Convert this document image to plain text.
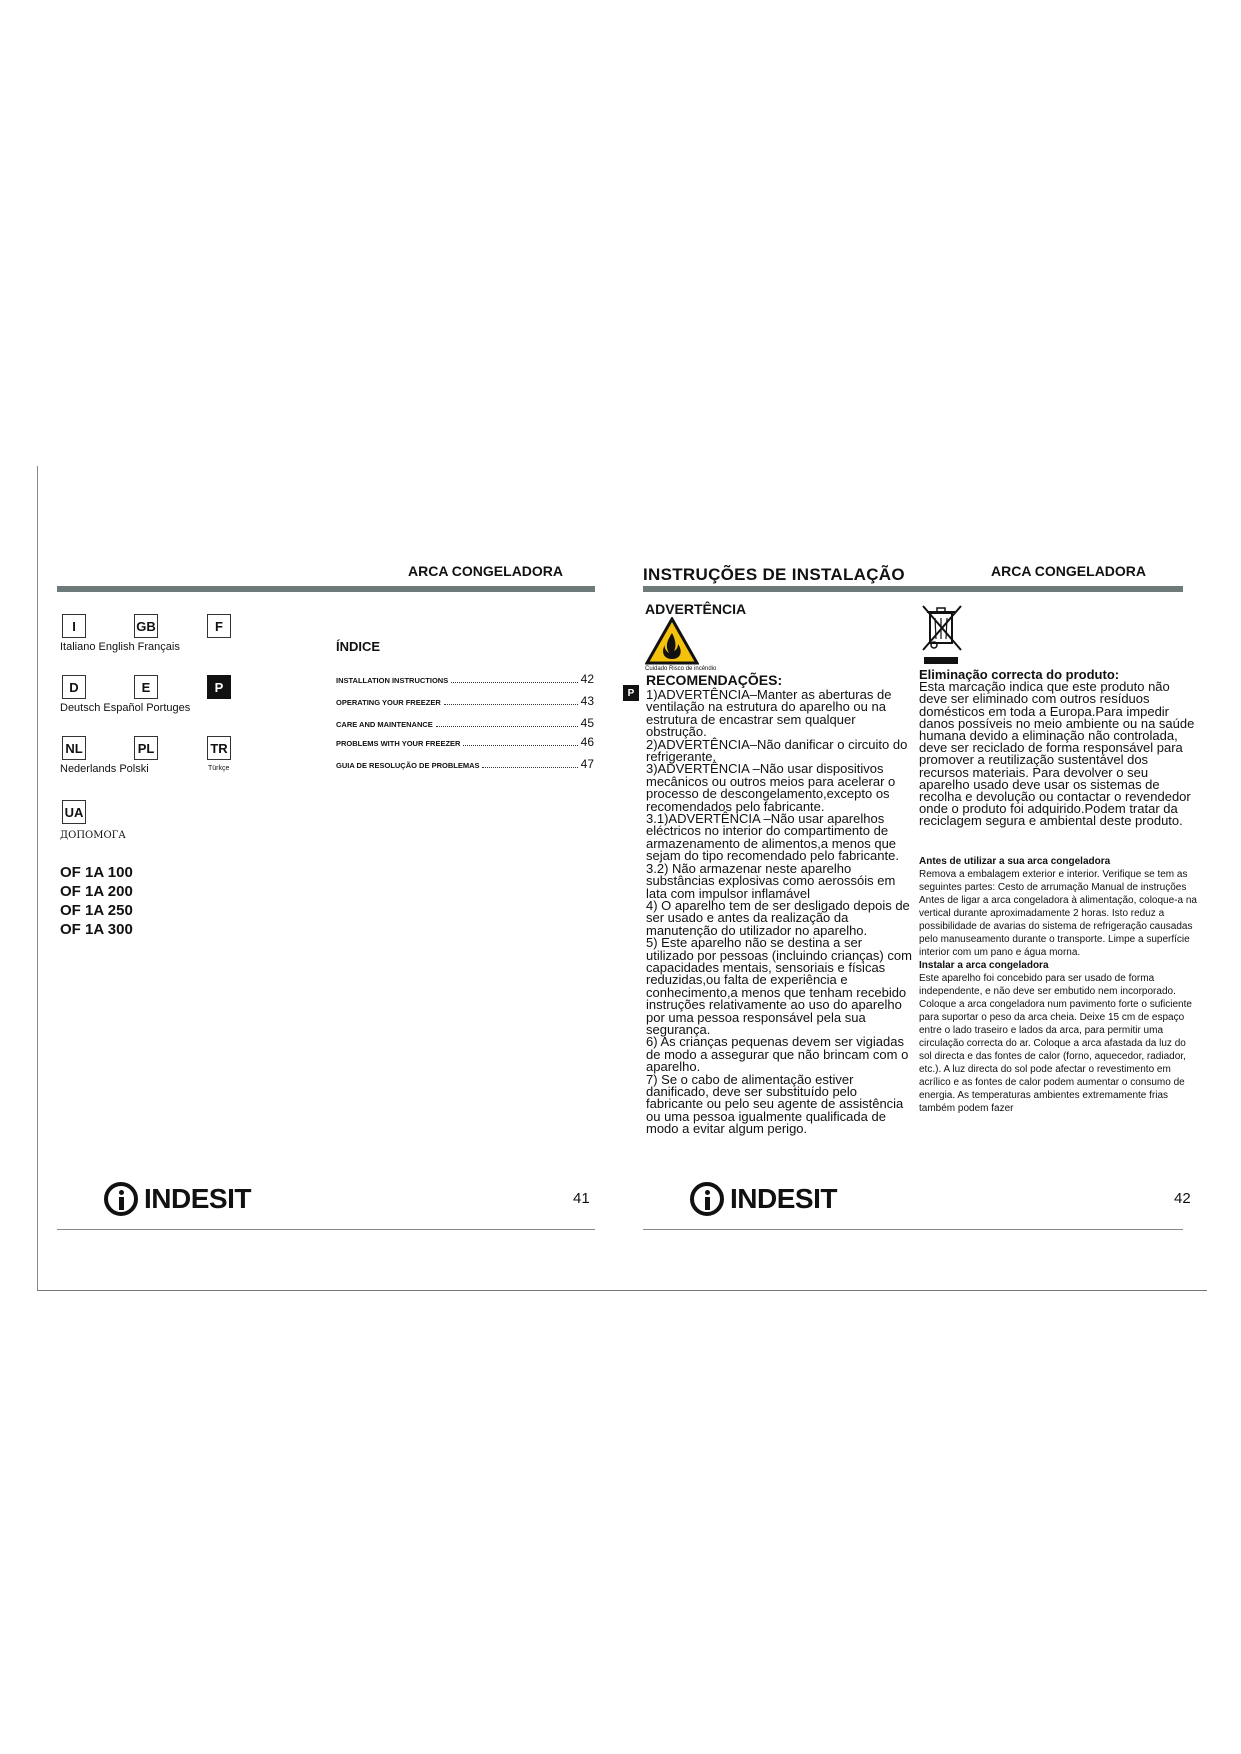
ARCA CONGELADORA
I	GB	F
Italiano English Français
D	E	P
Deutsch Español Portuges
NL	PL	TR
Nederlands Polski	Türkçe
UA
ДОПОМОГА
OF 1A 100
OF 1A 200
OF 1A 250
OF 1A 300
ÍNDICE
INSTALLATION INSTRUCTIONS	42
OPERATING YOUR FREEZER	43
CARE AND MAINTENANCE	45
PROBLEMS WITH YOUR FREEZER	46
GUIA DE RESOLUÇÃO DE PROBLEMAS	47
INDESIT	41
INSTRUÇÕES DE INSTALAÇÃO	ARCA CONGELADORA
ADVERTÊNCIA
Cuidado Risco de incêndio
P
RECOMENDAÇÕES:

1)ADVERTÊNCIA–Manter as aberturas de ventilação na estrutura do aparelho ou na estrutura de encastrar sem qualquer obstrução.

2)ADVERTÊNCIA–Não danificar o circuito do refrigerante.

3)ADVERTÊNCIA –Não usar dispositivos mecânicos ou outros meios para acelerar o processo de descongelamento,excepto os recomendados pelo fabricante.

3.1)ADVERTÊNCIA –Não usar aparelhos eléctricos no interior do compartimento de armazenamento de alimentos,a menos que sejam do tipo recomendado pelo fabricante.

3.2) Não armazenar neste aparelho substâncias explosivas como aerossóis em lata com impulsor inflamável

4) O aparelho tem de ser desligado depois de ser usado e antes da realização da manutenção do utilizador no aparelho.

5) Este aparelho não se destina a ser utilizado por pessoas (incluindo crianças) com capacidades mentais, sensoriais e físicas reduzidas,ou falta de experiência e conhecimento,a menos que tenham recebido instruções relativamente ao uso do aparelho por uma pessoa responsável pela sua segurança.

6) As crianças pequenas devem ser vigiadas de modo a assegurar que não brincam com o aparelho.

7) Se o cabo de alimentação estiver danificado, deve ser substituído pelo fabricante ou pelo seu agente de assistência ou uma pessoa igualmente qualificada de modo a evitar algum perigo.

Eliminação correcta do produto:

Esta marcação indica que este produto não deve ser eliminado com outros resíduos domésticos em toda a Europa.Para impedir danos possíveis no meio ambiente ou na saúde humana devido a eliminação não controlada, deve ser reciclado de forma responsável para promover a reutilização sustentável dos recursos materiais. Para devolver o seu aparelho usado deve usar os sistemas de recolha e devolução ou contactar o revendedor onde o produto foi adquirido.Podem tratar da reciclagem segura e ambiental deste produto.

Antes de utilizar a sua arca congeladora

Remova a embalagem exterior e interior. Verifique se tem as seguintes partes: Cesto de arrumação Manual de instruções Antes de ligar a arca congeladora à alimentação, coloque-a na vertical durante aproximadamente 2 horas. Isto reduz a possibilidade de avarias do sistema de refrigeração causadas pelo manuseamento durante o transporte. Limpe a superfície interior com um pano e água morna.

Instalar a arca congeladora

Este aparelho foi concebido para ser usado de forma independente, e não deve ser embutido nem incorporado. Coloque a arca congeladora num pavimento forte o suficiente para suportar o peso da arca cheia. Deixe 15 cm de espaço entre o lado traseiro e lados da arca, para permitir uma circulação correcta do ar. Coloque a arca afastada da luz do sol directa e das fontes de calor (forno, aquecedor, radiador, etc.). A luz directa do sol pode afectar o revestimento em acrílico e as fontes de calor podem aumentar o consumo de energia. As temperaturas ambientes extremamente frias também podem fazer

INDESIT	42
